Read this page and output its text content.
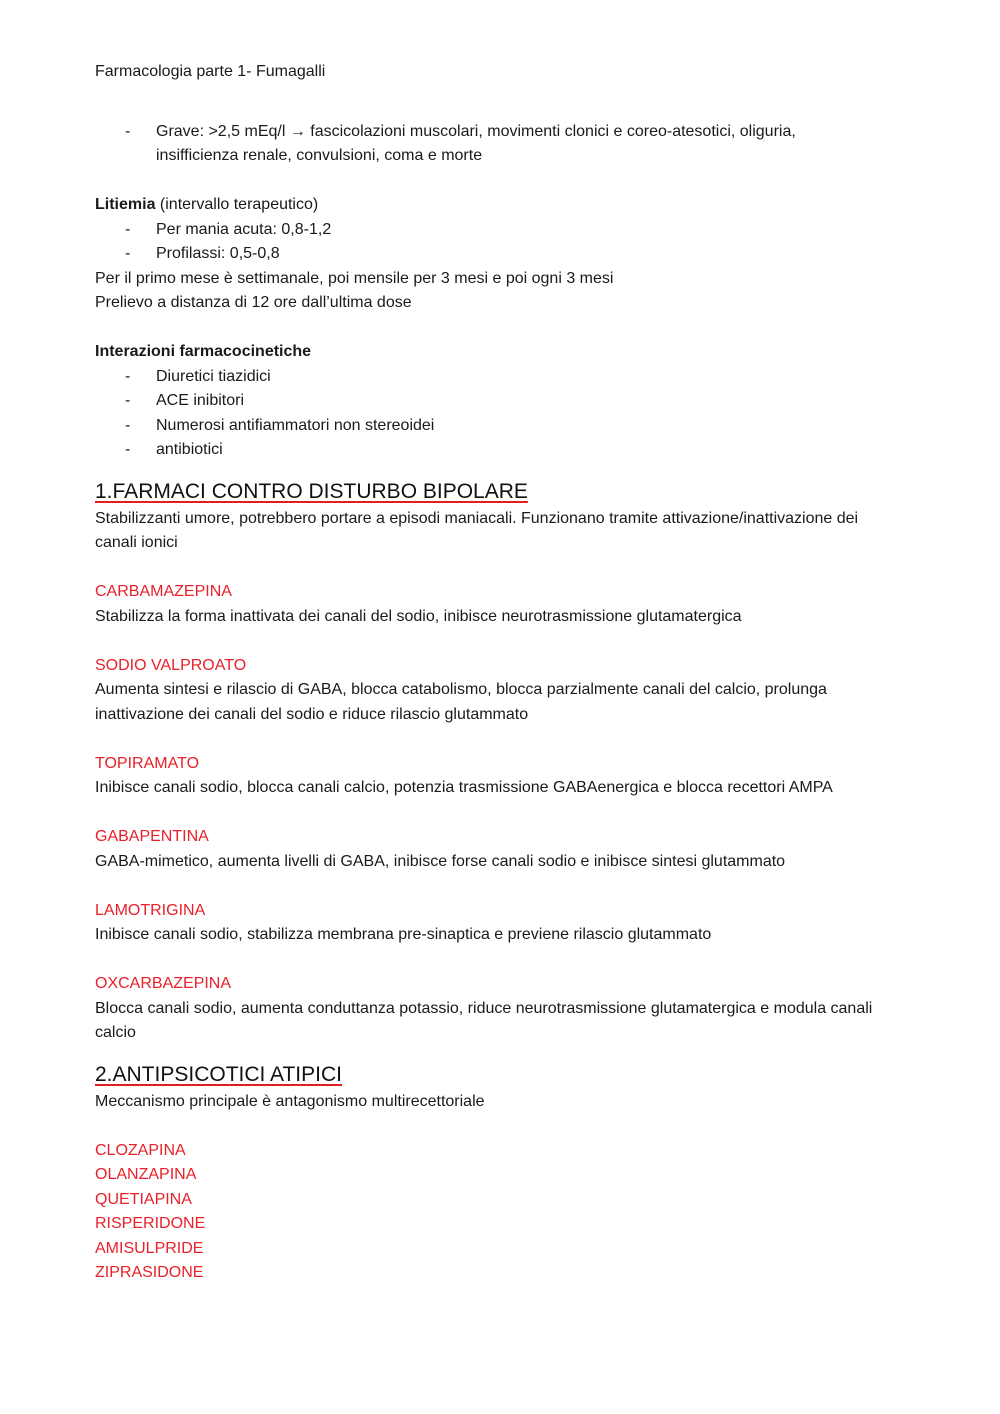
Farmacologia parte 1- Fumagalli

- Grave: >2,5 mEq/l → fascicolazioni muscolari, movimenti clonici e coreo-atesotici, oliguria, insifficienza renale, convulsioni, coma e morte

Litiemia (intervallo terapeutico)

- Per mania acuta: 0,8-1,2
- Profilassi: 0,5-0,8

Per il primo mese è settimanale, poi mensile per 3 mesi e poi ogni 3 mesi

Prelievo a distanza di 12 ore dall’ultima dose

Interazioni farmacocinetiche

- Diuretici tiazidici
- ACE inibitori
- Numerosi antifiammatori non stereoidei
- antibiotici

1.FARMACI CONTRO DISTURBO BIPOLARE

Stabilizzanti umore, potrebbero portare a episodi maniacali. Funzionano tramite attivazione/inattivazione dei canali ionici

CARBAMAZEPINA

Stabilizza la forma inattivata dei canali del sodio, inibisce neurotrasmissione glutamatergica

SODIO VALPROATO

Aumenta sintesi e rilascio di GABA, blocca catabolismo, blocca parzialmente canali del calcio, prolunga inattivazione dei canali del sodio e riduce rilascio glutammato

TOPIRAMATO

Inibisce canali sodio, blocca canali calcio, potenzia trasmissione GABAenergica e blocca recettori AMPA

GABAPENTINA

GABA-mimetico, aumenta livelli di GABA, inibisce forse canali sodio e inibisce sintesi glutammato

LAMOTRIGINA

Inibisce canali sodio, stabilizza membrana pre-sinaptica e previene rilascio glutammato

OXCARBAZEPINA

Blocca canali sodio, aumenta conduttanza potassio, riduce neurotrasmissione glutamatergica e modula canali calcio

2.ANTIPSICOTICI ATIPICI

Meccanismo principale è antagonismo multirecettoriale

CLOZAPINA

OLANZAPINA

QUETIAPINA

RISPERIDONE

AMISULPRIDE

ZIPRASIDONE
